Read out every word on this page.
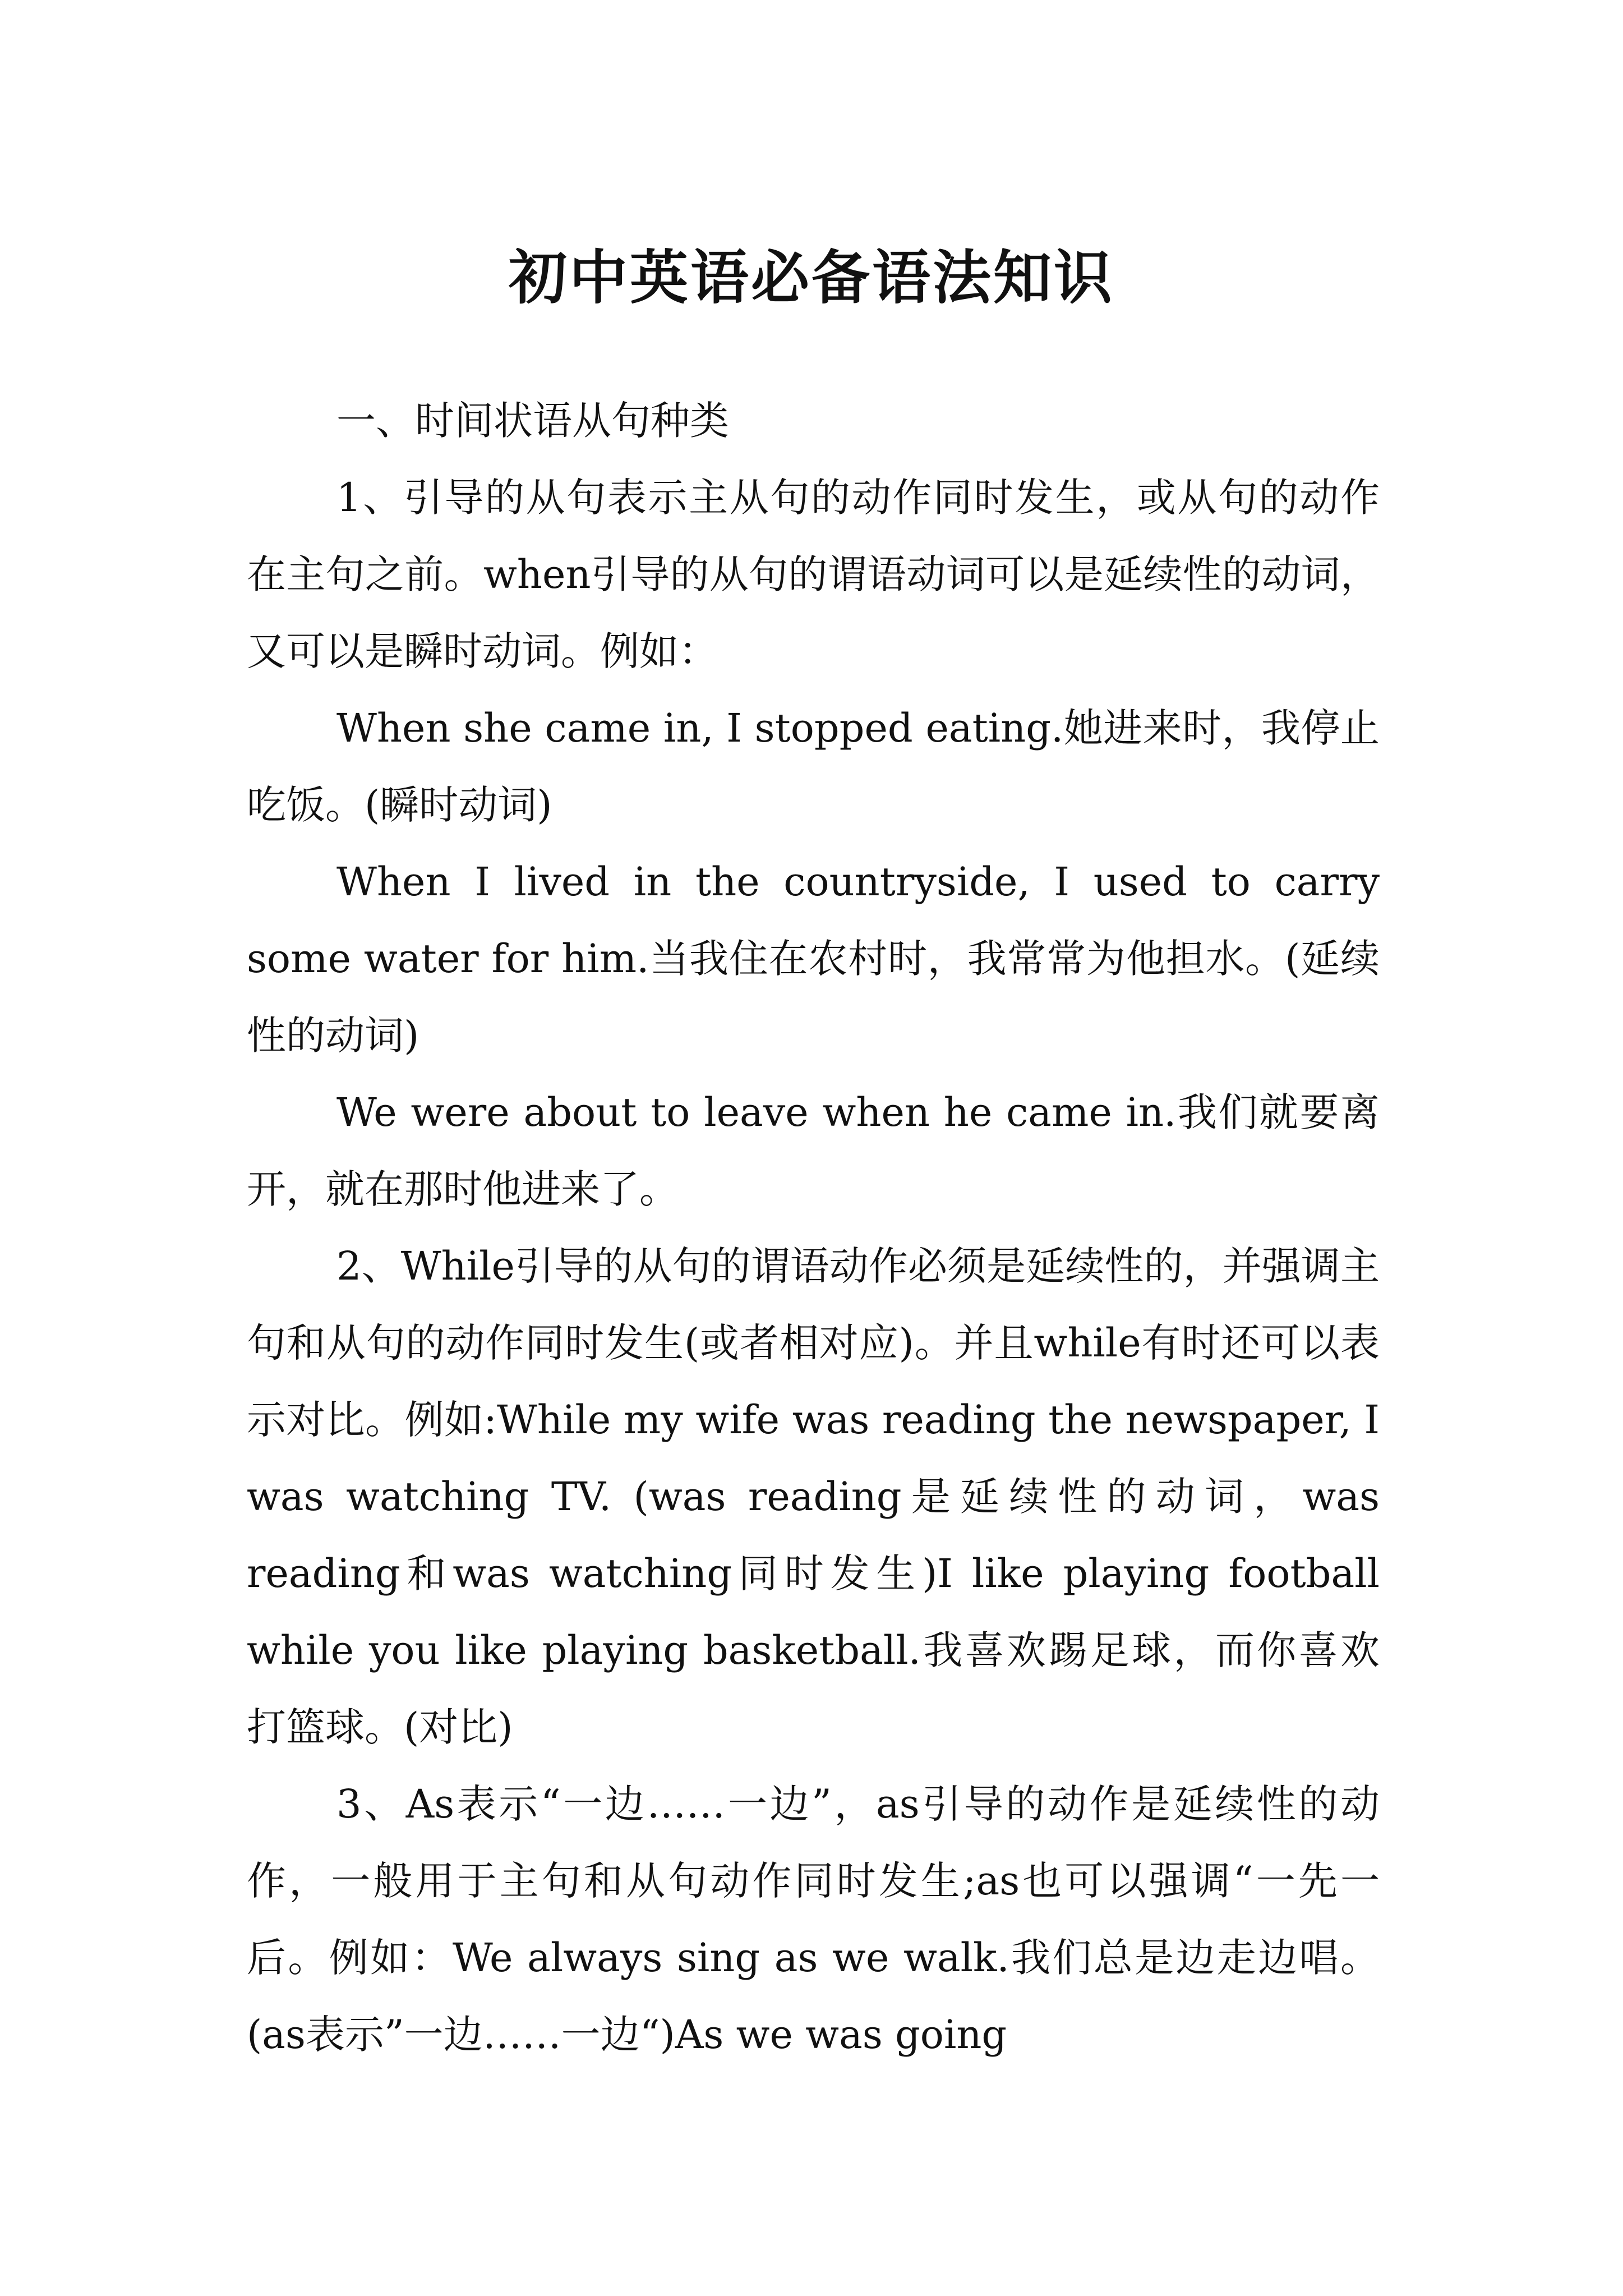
初中英语必备语法知识

一、时间状语从句种类

1、引导的从句表示主从句的动作同时发生，或从句的动作在主句之前。when引导的从句的谓语动词可以是延续性的动词，又可以是瞬时动词。例如：

When she came in, I stopped eating.她进来时，我停止吃饭。(瞬时动词)

When I lived in the countryside, I used to carry some water for him.当我住在农村时，我常常为他担水。(延续性的动词)

We were about to leave when he came in.我们就要离开，就在那时他进来了。

2、While引导的从句的谓语动作必须是延续性的，并强调主句和从句的动作同时发生(或者相对应)。并且while有时还可以表示对比。例如:While my wife was reading the newspaper, I was watching TV. (was reading是延续性的动词，was reading和was watching同时发生)I like playing football while you like playing basketball.我喜欢踢足球，而你喜欢打篮球。(对比)

3、As表示“一边……一边”，as引导的动作是延续性的动作，一般用于主句和从句动作同时发生;as也可以强调“一先一后。例如：We always sing as we walk.我们总是边走边唱。(as表示”一边……一边“)As we was going
